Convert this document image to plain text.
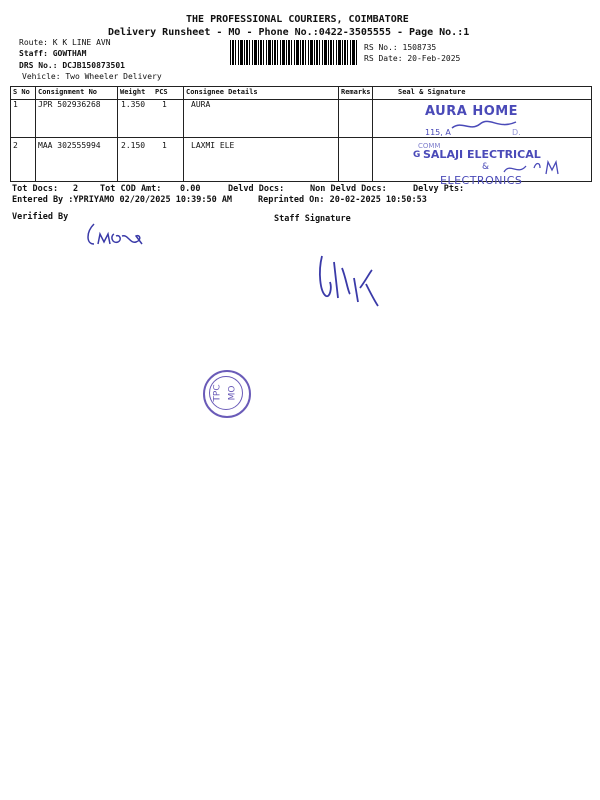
THE PROFESSIONAL COURIERS, COIMBATORE
Delivery Runsheet - MO - Phone No.:0422-3505555 - Page No.:1
Route: K K LINE AVN
Staff: GOWTHAM
DRS No.: DCJB150873501
Vehicle: Two Wheeler Delivery
RS No.: 1508735
RS Date: 20-Feb-2025
S No Consignment No	Weight PCS	Consignee Details	Remarks	Seal & Signature
1	JPR 502936268	1.350 1	AURA
2	MAA 302555994	2.150 1	LAXMI ELE
AURA HOME
115, A	D.
COMM
G SALAJI ELECTRICAL
&
ELECTRONICS
Tot Docs: 2	Tot COD Amt: 0.00	Delvd Docs:	Non Delvd Docs:	Delvy Pts:
Entered By :YPRIYAMO 02/20/2025 10:39:50 AM	Reprinted On: 20-02-2025 10:50:53
Verified By	Staff Signature
TPC MO
